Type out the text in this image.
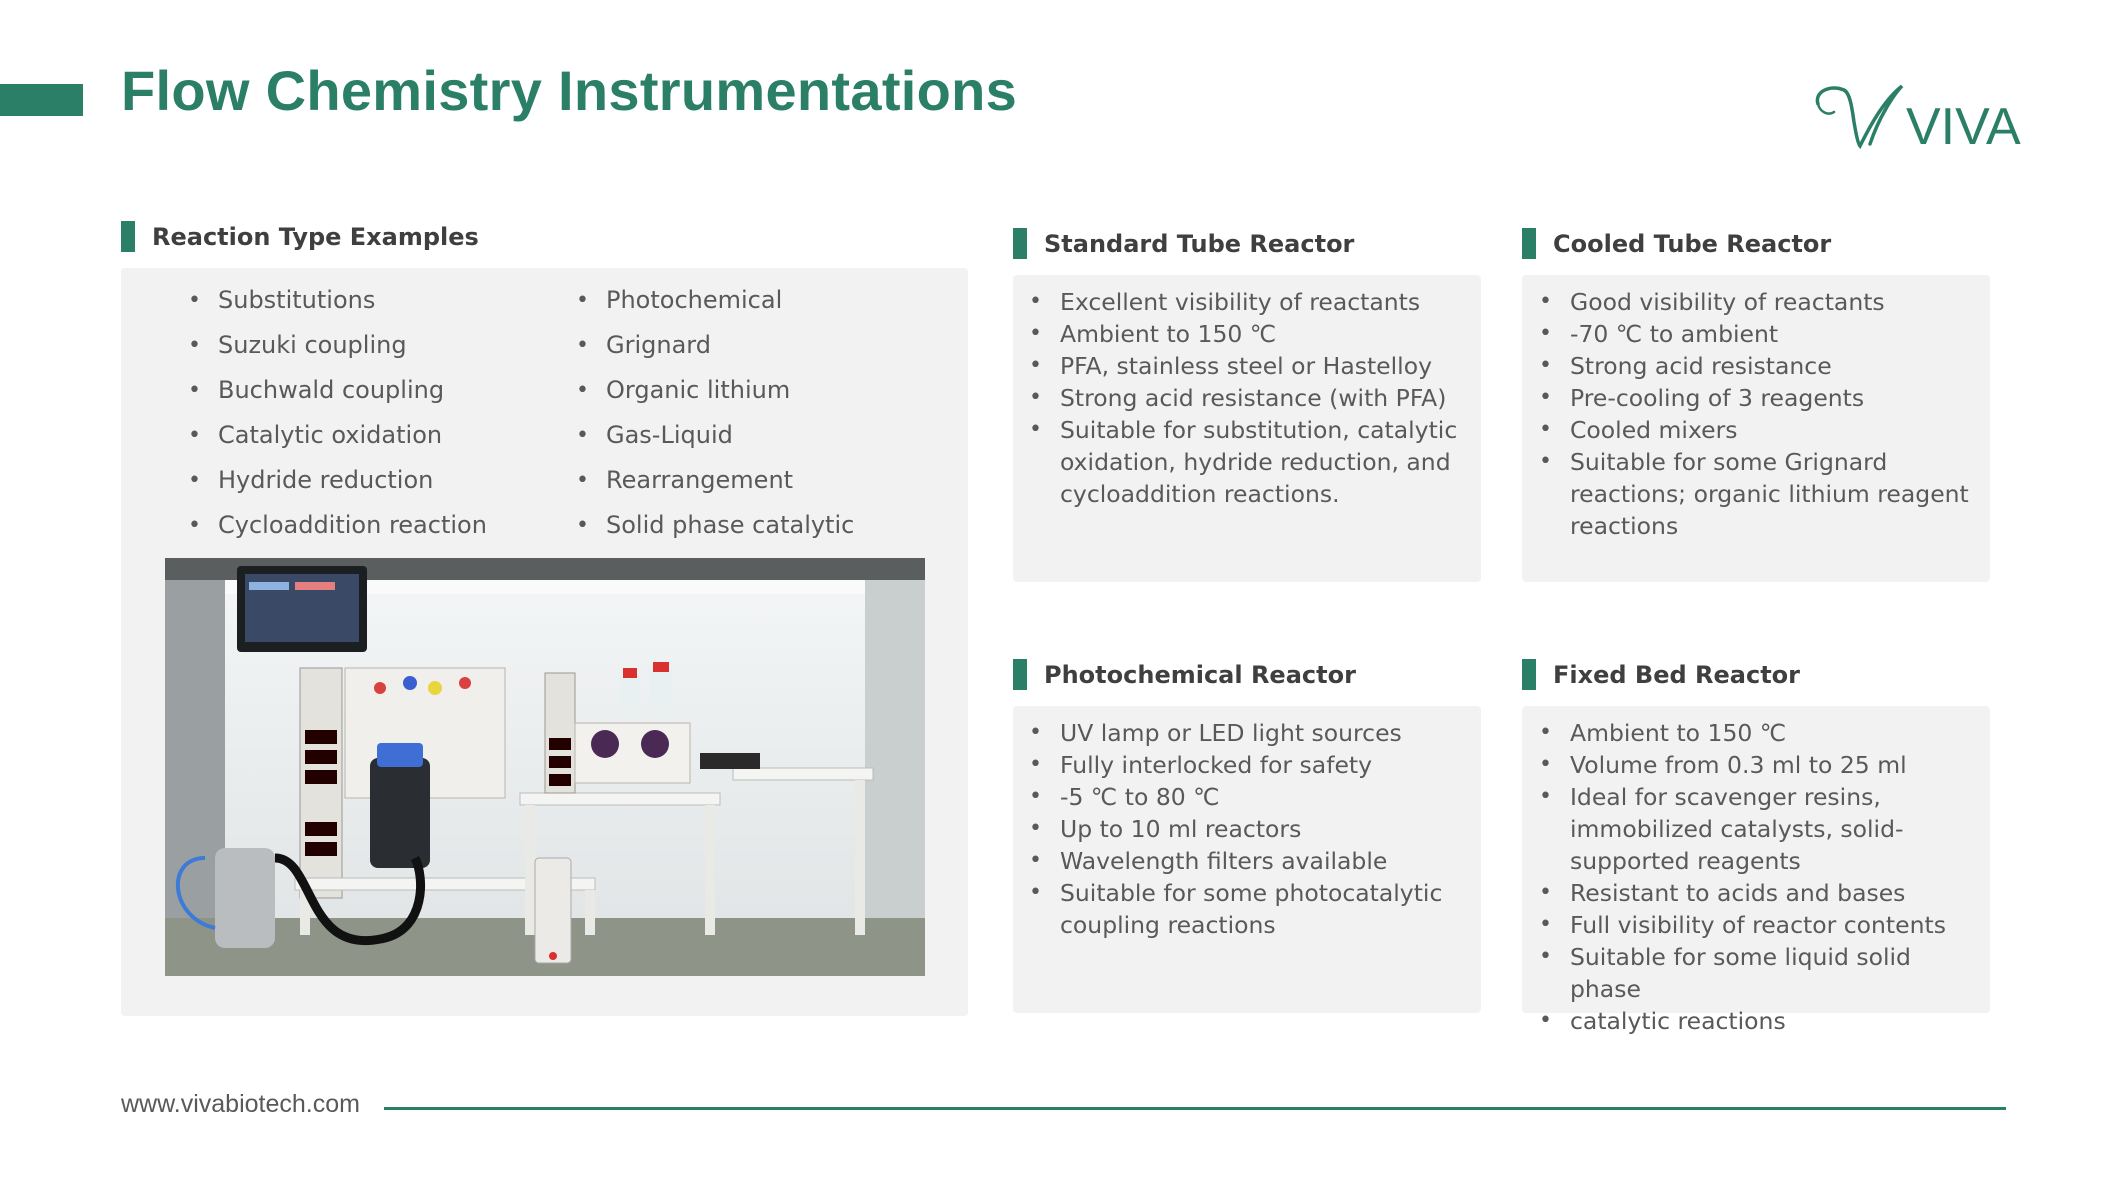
Flow Chemistry Instrumentations
VIVA
Reaction Type Examples
• Substitutions
• Suzuki coupling
• Buchwald coupling
• Catalytic oxidation
• Hydride reduction
• Cycloaddition reaction
• Photochemical
• Grignard
• Organic lithium
• Gas-Liquid
• Rearrangement
• Solid phase catalytic
Standard Tube Reactor
• Excellent visibility of reactants
• Ambient to 150 ℃
• PFA, stainless steel or Hastelloy
• Strong acid resistance (with PFA)
• Suitable for substitution, catalytic oxidation, hydride reduction, and cycloaddition reactions.
Cooled Tube Reactor
• Good visibility of reactants
• -70 ℃ to ambient
• Strong acid resistance
• Pre-cooling of 3 reagents
• Cooled mixers
• Suitable for some Grignard reactions; organic lithium reagent reactions
Photochemical Reactor
• UV lamp or LED light sources
• Fully interlocked for safety
• -5 ℃ to 80 ℃
• Up to 10 ml reactors
• Wavelength filters available
• Suitable for some photocatalytic coupling reactions
Fixed Bed Reactor
• Ambient to 150 ℃
• Volume from 0.3 ml to 25 ml
• Ideal for scavenger resins, immobilized catalysts, solid-supported reagents
• Resistant to acids and bases
• Full visibility of reactor contents
• Suitable for some liquid solid phase
• catalytic reactions
www.vivabiotech.com
